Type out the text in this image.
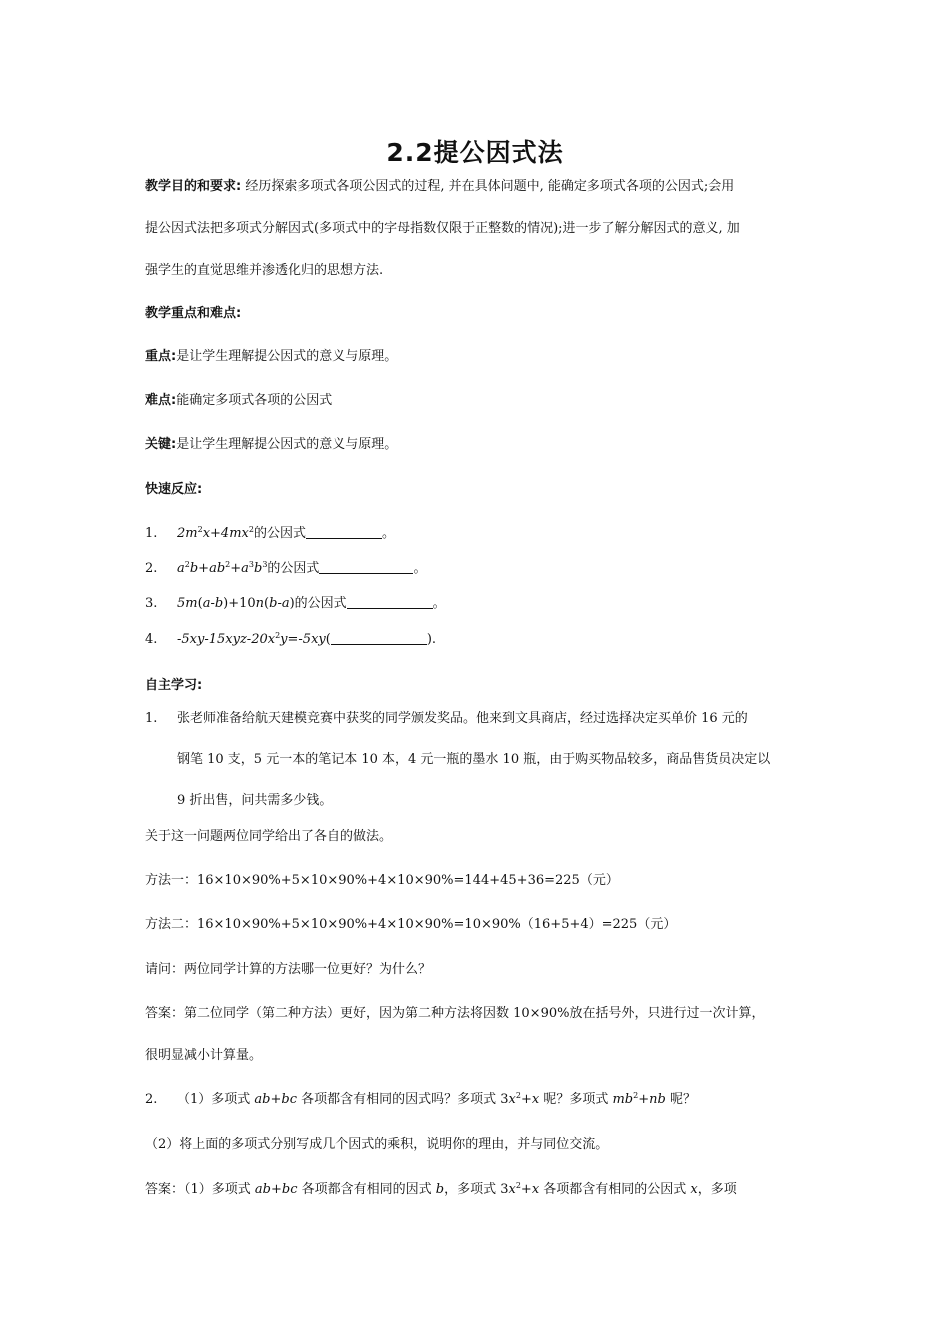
2.2提公因式法
教学目的和要求: 经历探索多项式各项公因式的过程, 并在具体问题中, 能确定多项式各项的公因式;会用
提公因式法把多项式分解因式(多项式中的字母指数仅限于正整数的情况);进一步了解分解因式的意义, 加
强学生的直觉思维并渗透化归的思想方法.
教学重点和难点:
重点:是让学生理解提公因式的意义与原理。
难点:能确定多项式各项的公因式
关键:是让学生理解提公因式的意义与原理。
快速反应:
1. $2m^2x+4mx^2$的公因式	。
2. $a^2b+ab^2+a^3b^3$的公因式	。
3. 5m(a-b)+10n(b-a)的公因式	。
4. $-5xy-15xyz-20x^2y=-5xy$(	).
自主学习:
1. 张老师准备给航天建模竞赛中获奖的同学颁发奖品。他来到文具商店，经过选择决定买单价 16 元的
钢笔 10 支，5 元一本的笔记本 10 本，4 元一瓶的墨水 10 瓶，由于购买物品较多，商品售货员决定以
9 折出售，问共需多少钱。
关于这一问题两位同学给出了各自的做法。
方法一：16×10×90%+5×10×90%+4×10×90%=144+45+36=225（元）
方法二：16×10×90%+5×10×90%+4×10×90%=10×90%（16+5+4）=225（元）
请问：两位同学计算的方法哪一位更好？为什么？
答案：第二位同学（第二种方法）更好，因为第二种方法将因数 10×90%放在括号外，只进行过一次计算，
很明显减小计算量。
2. （1）多项式 ab+bc 各项都含有相同的因式吗？多项式 $3x^2+x$ 呢？多项式 $mb^2+nb$ 呢？
（2）将上面的多项式分别写成几个因式的乘积，说明你的理由，并与同位交流。
答案：（1）多项式 ab+bc 各项都含有相同的因式 b，多项式 $3x^2+x$ 各项都含有相同的公因式 x，多项
